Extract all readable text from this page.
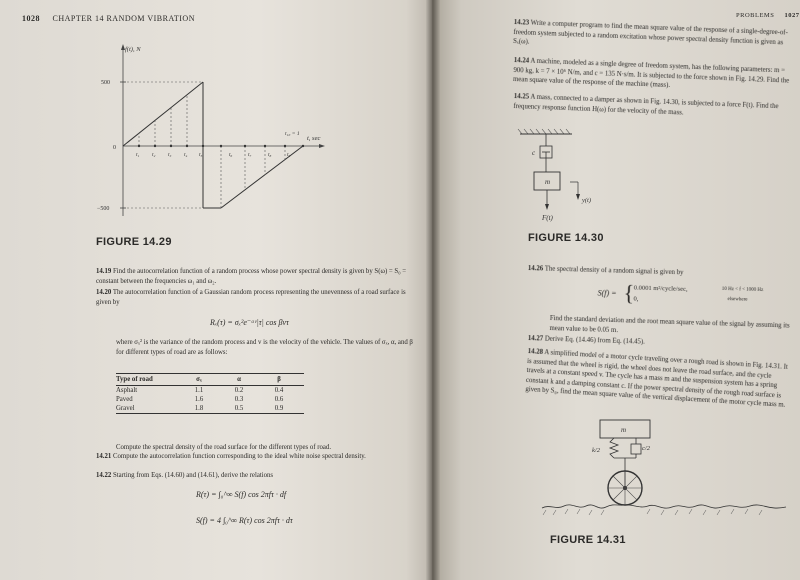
1028 CHAPTER 14 RANDOM VIBRATION
f(t), N
t, sec
500
0
−500
t₁ t₂ t₃ t₄ t₅	t₆	t₇	t₈	t₉
t₁₀ = 1
FIGURE 14.29
14.19 Find the autocorrelation function of a random process whose power spectral density is given by S(ω) = S₀ = constant between the frequencies ω₁ and ω₂.
14.20 The autocorrelation function of a Gaussian random process representing the unevenness of a road surface is given by
Rₓ(τ) = σₓ²e⁻ᵅᵛ|τ| cos βvτ
where σₓ² is the variance of the random process and v is the velocity of the vehicle. The values of σₓ, α, and β for different types of road are as follows:
Type of road	σₓ	α	β
Asphalt	1.1	0.2	0.4
Paved	1.6	0.3	0.6
Gravel	1.8	0.5	0.9
Compute the spectral density of the road surface for the different types of road.
14.21 Compute the autocorrelation function corresponding to the ideal white noise spectral density.
14.22 Starting from Eqs. (14.60) and (14.61), derive the relations
R(τ) = ∫₀^∞ S(f) cos 2πfτ · df
S(f) = 4 ∫₀^∞ R(τ) cos 2πfτ · dτ
PROBLEMS 1027
14.23 Write a computer program to find the mean square value of the response of a single-degree-of-freedom system subjected to a random excitation whose power spectral density function is given as Sₓ(ω).
14.24 A machine, modeled as a single degree of freedom system, has the following parameters: m = 900 kg, k = 7 × 10⁶ N/m, and c = 135 N·s/m. It is subjected to the force shown in Fig. 14.29. Find the mean square value of the response of the machine (mass).
14.25 A mass, connected to a damper as shown in Fig. 14.30, is subjected to a force F(t). Find the frequency response function H(ω) for the velocity of the mass.
c
m
F(t)
y(t)
FIGURE 14.30
14.26 The spectral density of a random signal is given by
S(f) = { 0.0001 m²/cycle/sec,
0,
10 Hz < f < 1000 Hz
elsewhere
Find the standard deviation and the root mean square value of the signal by assuming its mean value to be 0.05 m.
14.27 Derive Eq. (14.46) from Eq. (14.45).
14.28 A simplified model of a motor cycle traveling over a rough road is shown in Fig. 14.31. It is assumed that the wheel is rigid, the wheel does not leave the road surface, and the cycle travels at a constant speed v. The cycle has a mass m and the suspension system has a spring constant k and a damping constant c. If the power spectral density of the rough road surface is given by S₀, find the mean square value of the vertical displacement of the motor cycle mass m.
m
k/2	c/2
FIGURE 14.31
